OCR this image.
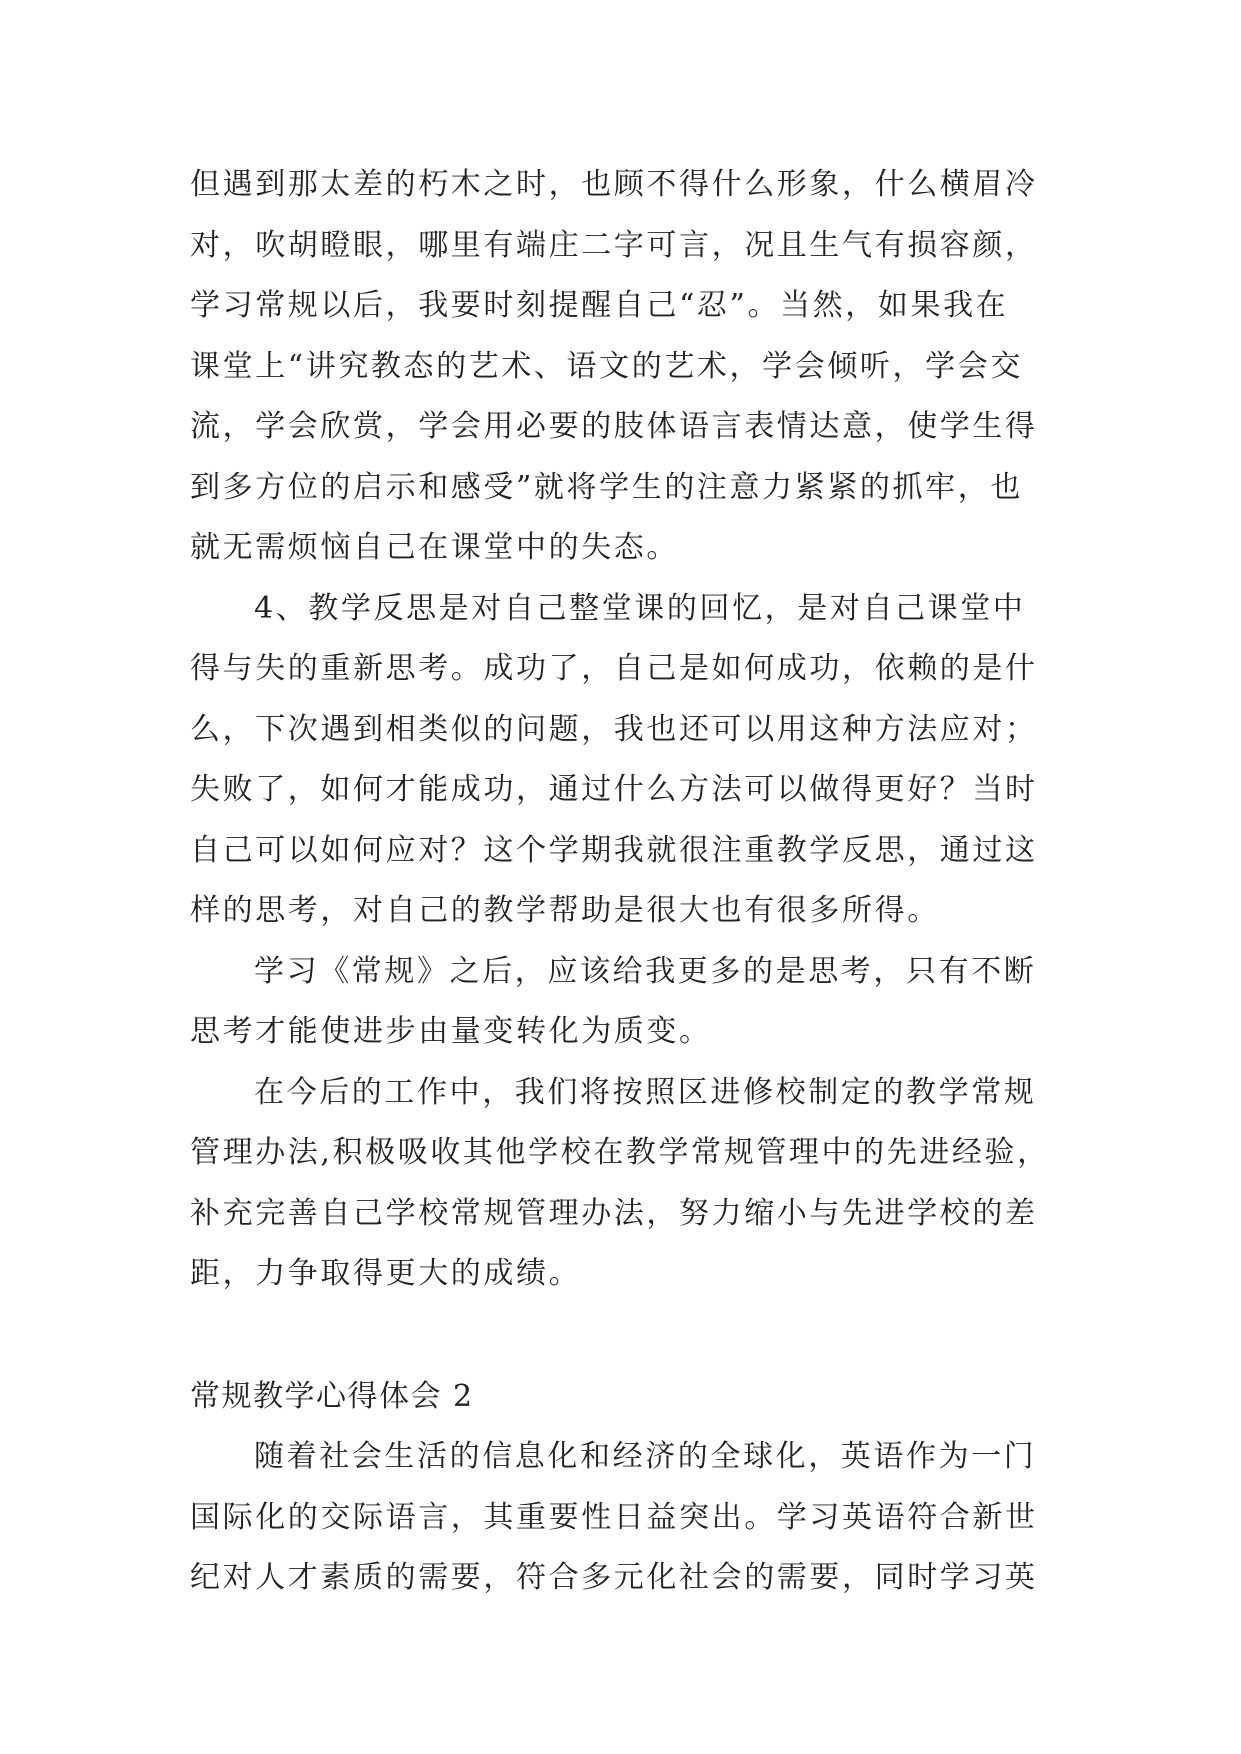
但遇到那太差的朽木之时，也顾不得什么形象，什么横眉冷
对，吹胡瞪眼，哪里有端庄二字可言，况且生气有损容颜，
学习常规以后，我要时刻提醒自己“忍”。当然，如果我在
课堂上“讲究教态的艺术、语文的艺术，学会倾听，学会交
流，学会欣赏，学会用必要的肢体语言表情达意，使学生得
到多方位的启示和感受”就将学生的注意力紧紧的抓牢，也
就无需烦恼自己在课堂中的失态。
4、教学反思是对自己整堂课的回忆，是对自己课堂中
得与失的重新思考。成功了，自己是如何成功，依赖的是什
么，下次遇到相类似的问题，我也还可以用这种方法应对；
失败了，如何才能成功，通过什么方法可以做得更好？当时
自己可以如何应对？这个学期我就很注重教学反思，通过这
样的思考，对自己的教学帮助是很大也有很多所得。
学习《常规》之后，应该给我更多的是思考，只有不断
思考才能使进步由量变转化为质变。
在今后的工作中，我们将按照区进修校制定的教学常规
管理办法,积极吸收其他学校在教学常规管理中的先进经验，
补充完善自己学校常规管理办法，努力缩小与先进学校的差
距，力争取得更大的成绩。
常规教学心得体会 2
随着社会生活的信息化和经济的全球化，英语作为一门
国际化的交际语言，其重要性日益突出。学习英语符合新世
纪对人才素质的需要，符合多元化社会的需要，同时学习英
